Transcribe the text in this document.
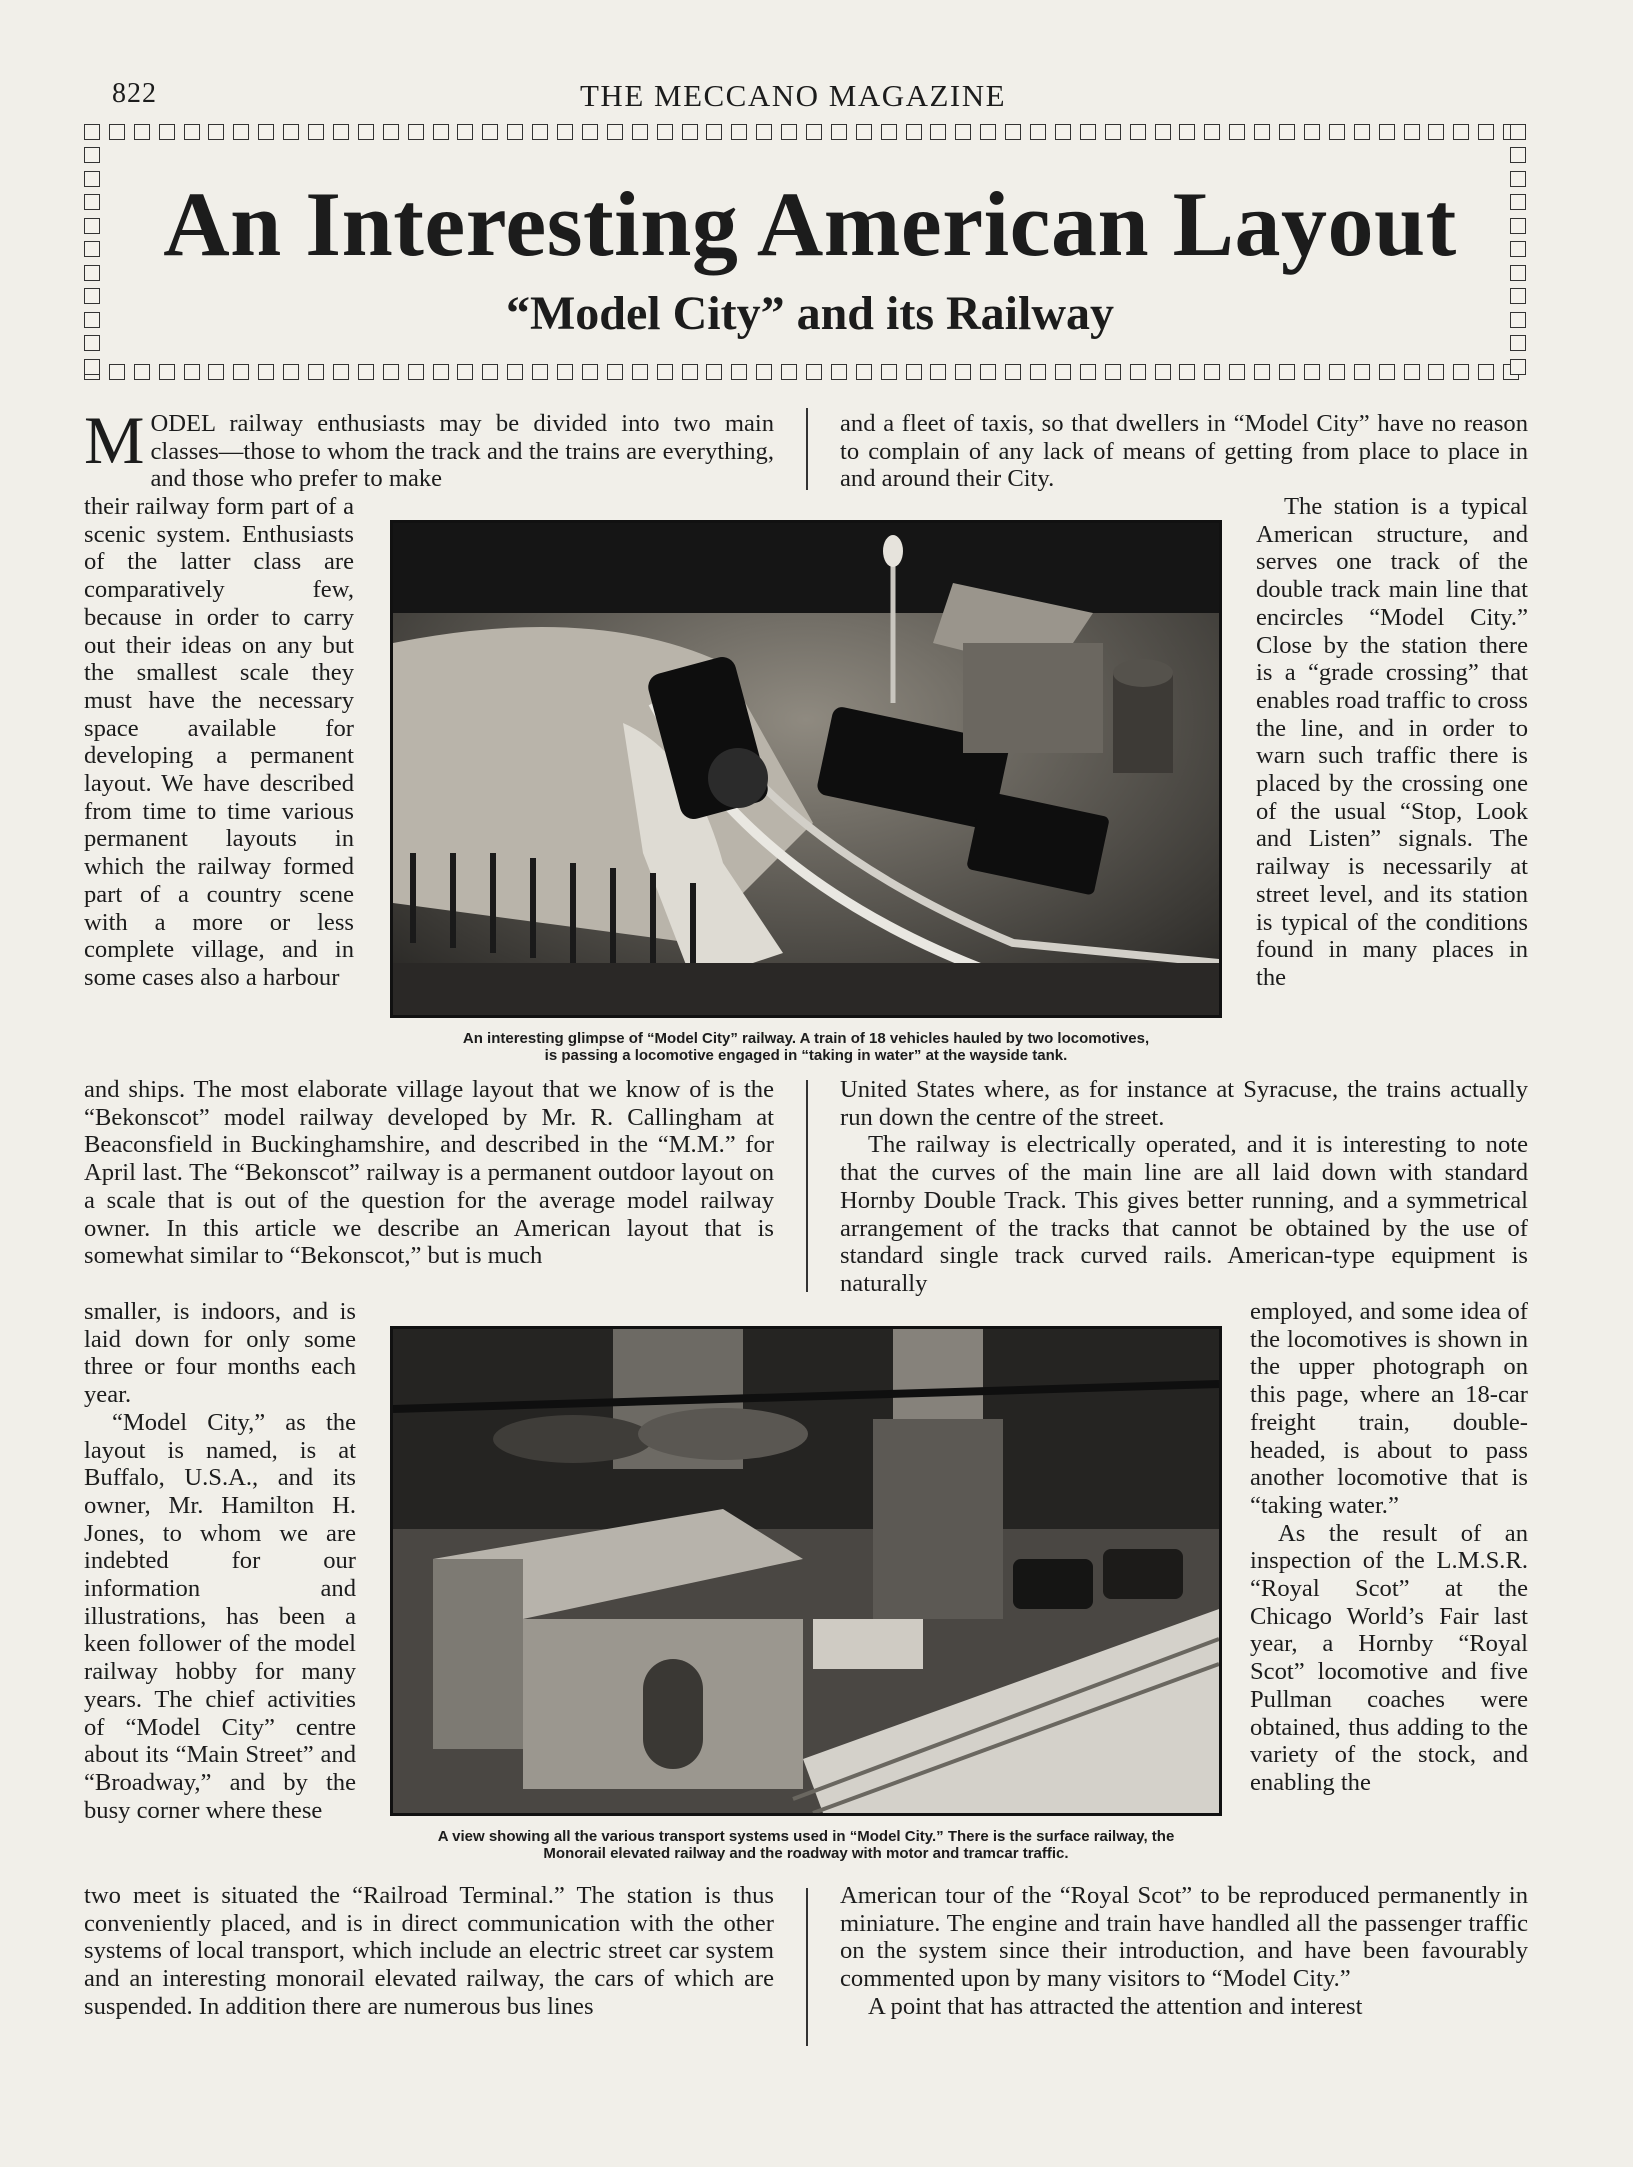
822	THE MECCANO MAGAZINE
An Interesting American Layout
“Model City” and its Railway
MODEL railway enthusiasts may be divided into two main classes—those to whom the track and the trains are everything, and those who prefer to make

their railway form part of a scenic system. Enthusiasts of the latter class are comparatively few, because in order to carry out their ideas on any but the smallest scale they must have the necessary space available for developing a permanent layout. We have described from time to time various permanent layouts in which the railway formed part of a country scene with a more or less complete village, and in some cases also a harbour

and ships. The most elaborate village layout that we know of is the “Bekonscot” model railway developed by Mr. R. Callingham at Beaconsfield in Buckinghamshire, and described in the “M.M.” for April last. The “Bekonscot” railway is a permanent outdoor layout on a scale that is out of the question for the average model railway owner. In this article we describe an American layout that is somewhat similar to “Bekonscot,” but is much

smaller, is indoors, and is laid down for only some three or four months each year.

“Model City,” as the layout is named, is at Buffalo, U.S.A., and its owner, Mr. Hamilton H. Jones, to whom we are indebted for our information and illustrations, has been a keen follower of the model railway hobby for many years. The chief activities of “Model City” centre about its “Main Street” and “Broadway,” and by the busy corner where these

two meet is situated the “Railroad Terminal.” The station is thus conveniently placed, and is in direct communication with the other systems of local transport, which include an electric street car system and an interesting monorail elevated railway, the cars of which are suspended. In addition there are numerous bus lines

and a fleet of taxis, so that dwellers in “Model City” have no reason to complain of any lack of means of getting from place to place in and around their City.

The station is a typical American structure, and serves one track of the double track main line that encircles “Model City.” Close by the station there is a “grade crossing” that enables road traffic to cross the line, and in order to warn such traffic there is placed by the crossing one of the usual “Stop, Look and Listen” signals. The railway is necessarily at street level, and its station is typical of the conditions found in many places in the

United States where, as for instance at Syracuse, the trains actually run down the centre of the street.

The railway is electrically operated, and it is interesting to note that the curves of the main line are all laid down with standard Hornby Double Track. This gives better running, and a symmetrical arrangement of the tracks that cannot be obtained by the use of standard single track curved rails. American-type equipment is naturally

employed, and some idea of the locomotives is shown in the upper photograph on this page, where an 18-car freight train, double-headed, is about to pass another locomotive that is “taking water.”

As the result of an inspection of the L.M.S.R. “Royal Scot” at the Chicago World’s Fair last year, a Hornby “Royal Scot” locomotive and five Pullman coaches were obtained, thus adding to the variety of the stock, and enabling the

American tour of the “Royal Scot” to be reproduced permanently in miniature. The engine and train have handled all the passenger traffic on the system since their introduction, and have been favourably commented upon by many visitors to “Model City.”

A point that has attracted the attention and interest

An interesting glimpse of “Model City” railway. A train of 18 vehicles hauled by two locomotives,
is passing a locomotive engaged in “taking in water” at the wayside tank.
A view showing all the various transport systems used in “Model City.” There is the surface railway, the
Monorail elevated railway and the roadway with motor and tramcar traffic.
